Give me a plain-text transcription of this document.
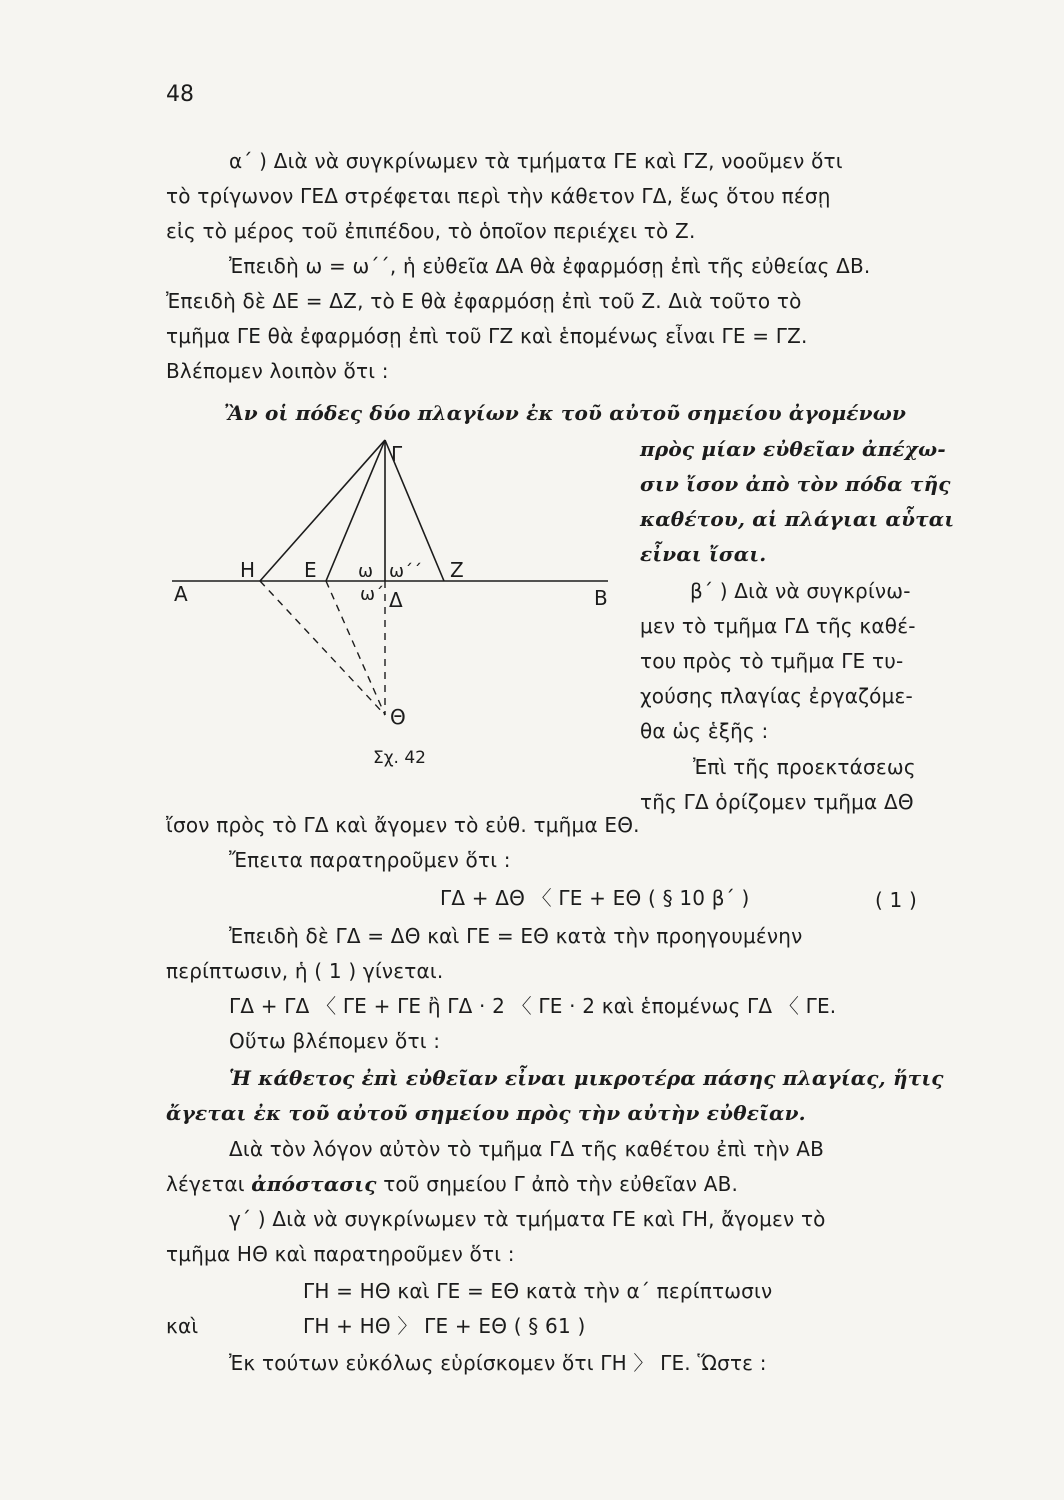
48
α΄ ) Διὰ νὰ συγκρίνωμεν τὰ τμήματα ΓΕ καὶ ΓΖ, νοοῦμεν ὅτι
τὸ τρίγωνον ΓΕΔ στρέφεται περὶ τὴν κάθετον ΓΔ, ἕως ὅτου πέσῃ
εἰς τὸ μέρος τοῦ ἐπιπέδου, τὸ ὁποῖον περιέχει τὸ Ζ.
Ἐπειδὴ ω = ω΄΄, ἡ εὐθεῖα ΔΑ θὰ ἐφαρμόσῃ ἐπὶ τῆς εὐθείας ΔΒ.
Ἐπειδὴ δὲ ΔΕ = ΔΖ, τὸ Ε θὰ ἐφαρμόσῃ ἐπὶ τοῦ Ζ. Διὰ τοῦτο τὸ
τμῆμα ΓΕ θὰ ἐφαρμόσῃ ἐπὶ τοῦ ΓΖ καὶ ἑπομένως εἶναι ΓΕ = ΓΖ.
Βλέπομεν λοιπὸν ὅτι :
Ἂν οἱ πόδες δύο πλαγίων ἐκ τοῦ αὐτοῦ σημείου ἀγομένων
πρὸς μίαν εὐθεῖαν ἀπέχω-
σιν ἴσον ἀπὸ τὸν πόδα τῆς
καθέτου, αἱ πλάγιαι αὗται
εἶναι ἴσαι.
β΄ ) Διὰ νὰ συγκρίνω-
μεν τὸ τμῆμα ΓΔ τῆς καθέ-
του πρὸς τὸ τμῆμα ΓΕ τυ-
χούσης πλαγίας ἐργαζόμε-
θα ὡς ἑξῆς :
Ἐπὶ τῆς προεκτάσεως
τῆς ΓΔ ὁρίζομεν τμῆμα ΔΘ
Α	Β
Γ
Δ
Ε	Ζ
Η
Θ
ω ω΄΄
ω΄
Σχ. 42
ἴσον πρὸς τὸ ΓΔ καὶ ἄγομεν τὸ εὐθ. τμῆμα ΕΘ.
Ἔπειτα παρατηροῦμεν ὅτι :
ΓΔ + ΔΘ 〈 ΓΕ + ΕΘ ( § 10 β΄ )	( 1 )
Ἐπειδὴ δὲ ΓΔ = ΔΘ καὶ ΓΕ = ΕΘ κατὰ τὴν προηγουμένην
περίπτωσιν, ἡ ( 1 ) γίνεται.
ΓΔ + ΓΔ 〈 ΓΕ + ΓΕ ἢ ΓΔ · 2 〈 ΓΕ · 2 καὶ ἑπομένως ΓΔ 〈 ΓΕ.
Οὕτω βλέπομεν ὅτι :
Ἡ κάθετος ἐπὶ εὐθεῖαν εἶναι μικροτέρα πάσης πλαγίας, ἥτις
ἄγεται ἐκ τοῦ αὐτοῦ σημείου πρὸς τὴν αὐτὴν εὐθεῖαν.
Διὰ τὸν λόγον αὐτὸν τὸ τμῆμα ΓΔ τῆς καθέτου ἐπὶ τὴν ΑΒ
λέγεται ἀπόστασις τοῦ σημείου Γ ἀπὸ τὴν εὐθεῖαν ΑΒ.
γ΄ ) Διὰ νὰ συγκρίνωμεν τὰ τμήματα ΓΕ καὶ ΓΗ, ἄγομεν τὸ
τμῆμα ΗΘ καὶ παρατηροῦμεν ὅτι :
ΓΗ = ΗΘ καὶ ΓΕ = ΕΘ κατὰ τὴν α΄ περίπτωσιν
καὶ	ΓΗ + ΗΘ 〉 ΓΕ + ΕΘ ( § 61 )
Ἐκ τούτων εὐκόλως εὑρίσκομεν ὅτι ΓΗ 〉 ΓΕ. Ὥστε :
